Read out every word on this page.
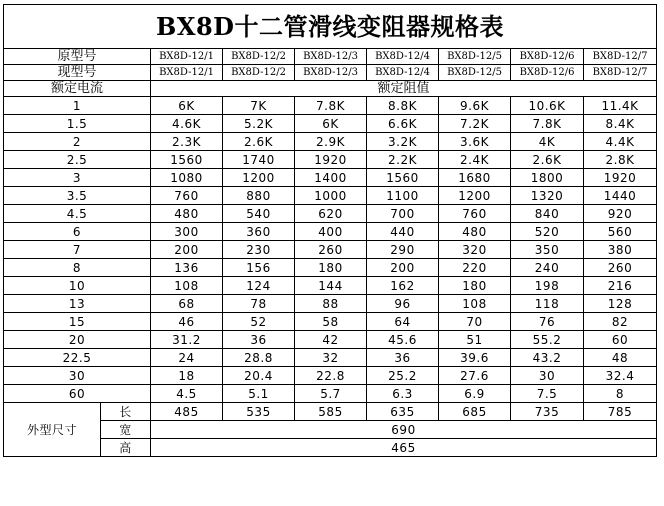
BX8D十二管滑线变阻器规格表								
原型号		BX8D-12/1	BX8D-12/2	BX8D-12/3	BX8D-12/4	BX8D-12/5	BX8D-12/6	BX8D-12/7
现型号		BX8D-12/1	BX8D-12/2	BX8D-12/3	BX8D-12/4	BX8D-12/5	BX8D-12/6	BX8D-12/7
额定电流		额定阻值						
1		6K	7K	7.8K	8.8K	9.6K	10.6K	11.4K
1.5		4.6K	5.2K	6K	6.6K	7.2K	7.8K	8.4K
2		2.3K	2.6K	2.9K	3.2K	3.6K	4K	4.4K
2.5		1560	1740	1920	2.2K	2.4K	2.6K	2.8K
3		1080	1200	1400	1560	1680	1800	1920
3.5		760	880	1000	1100	1200	1320	1440
4.5		480	540	620	700	760	840	920
6		300	360	400	440	480	520	560
7		200	230	260	290	320	350	380
8		136	156	180	200	220	240	260
10		108	124	144	162	180	198	216
13		68	78	88	96	108	118	128
15		46	52	58	64	70	76	82
20		31.2	36	42	45.6	51	55.2	60
22.5		24	28.8	32	36	39.6	43.2	48
30		18	20.4	22.8	25.2	27.6	30	32.4
60		4.5	5.1	5.7	6.3	6.9	7.5	8
外型尺寸	长	485	535	585	635	685	735	785
	宽	690						
	高	465						
